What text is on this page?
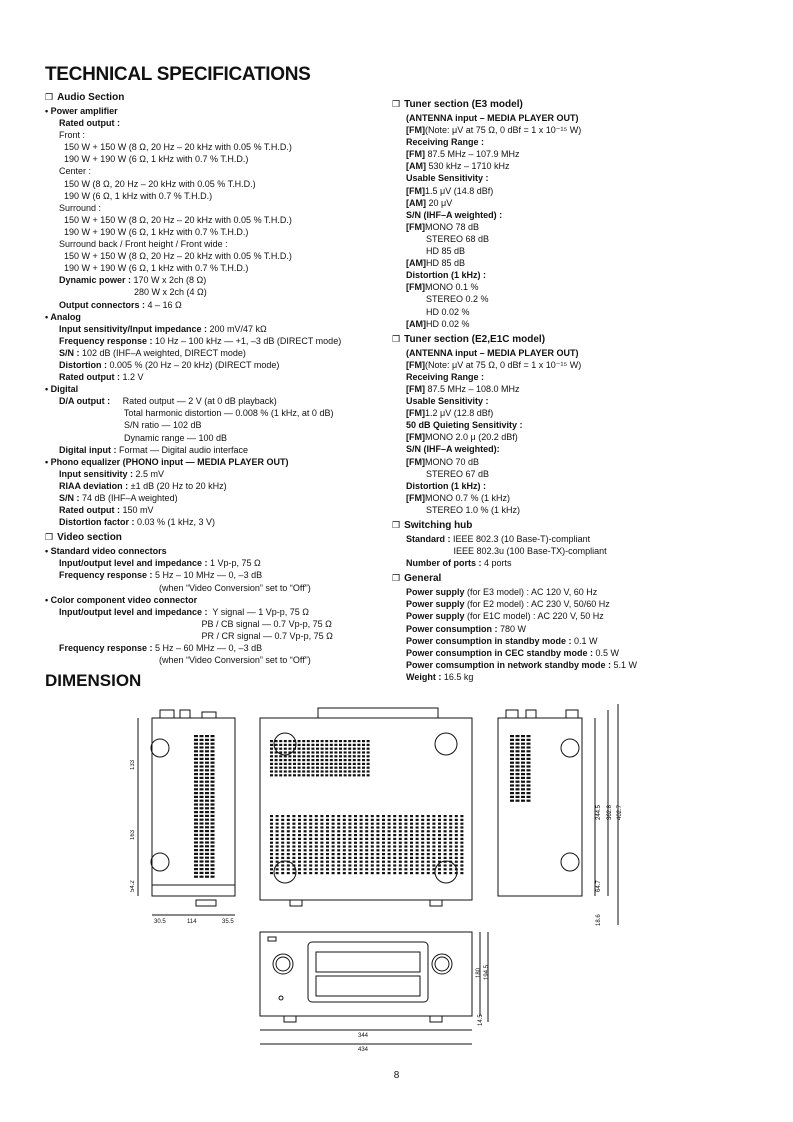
TECHNICAL SPECIFICATIONS
❒ Audio Section
• Power amplifier
Rated output :
Front :
150 W + 150 W (8 Ω, 20 Hz – 20 kHz with 0.05 % T.H.D.)
190 W + 190 W (6 Ω, 1 kHz with 0.7 % T.H.D.)
Center :
150 W (8 Ω, 20 Hz – 20 kHz with 0.05 % T.H.D.)
190 W (6 Ω, 1 kHz with 0.7 % T.H.D.)
Surround :
150 W + 150 W (8 Ω, 20 Hz – 20 kHz with 0.05 % T.H.D.)
190 W + 190 W (6 Ω, 1 kHz with 0.7 % T.H.D.)
Surround back / Front height / Front wide :
150 W + 150 W (8 Ω, 20 Hz – 20 kHz with 0.05 % T.H.D.)
190 W + 190 W (6 Ω, 1 kHz with 0.7 % T.H.D.)
Dynamic power : 170 W x 2ch (8 Ω)
280 W x 2ch (4 Ω)
Output connectors : 4 – 16 Ω
• Analog
Input sensitivity/Input impedance : 200 mV/47 kΩ
Frequency response : 10 Hz – 100 kHz — +1, –3 dB (DIRECT mode)
S/N : 102 dB (IHF–A weighted, DIRECT mode)
Distortion : 0.005 % (20 Hz – 20 kHz) (DIRECT mode)
Rated output : 1.2 V
• Digital
D/A output :     Rated output — 2 V (at 0 dB playback)
Total harmonic distortion — 0.008 % (1 kHz, at 0 dB)
S/N ratio — 102 dB
Dynamic range — 100 dB
Digital input : Format — Digital audio interface
• Phono equalizer (PHONO input — MEDIA PLAYER OUT)
Input sensitivity : 2.5 mV
RIAA deviation : ±1 dB (20 Hz to 20 kHz)
S/N : 74 dB (IHF–A weighted)
Rated output : 150 mV
Distortion factor : 0.03 % (1 kHz, 3 V)
❒ Video section
• Standard video connectors
Input/output level and impedance : 1 Vp-p, 75 Ω
Frequency response : 5 Hz – 10 MHz — 0, –3 dB
(when “Video Conversion” set to “Off”)
• Color component video connector
Input/output level and impedance :  Y signal — 1 Vp-p, 75 Ω
PB / CB signal — 0.7 Vp-p, 75 Ω
PR / CR signal — 0.7 Vp-p, 75 Ω
Frequency response : 5 Hz – 60 MHz — 0, –3 dB
(when “Video Conversion” set to “Off”)
❒ Tuner section (E3 model)
(ANTENNA input – MEDIA PLAYER OUT)
[FM](Note: μV at 75 Ω, 0 dBf = 1 x 10⁻¹⁵ W)
Receiving Range :
[FM] 87.5 MHz – 107.9 MHz
[AM] 530 kHz – 1710 kHz
Usable Sensitivity :
[FM]1.5 μV (14.8 dBf)
[AM] 20 μV
S/N (IHF–A weighted) :
[FM]MONO 78 dB
STEREO 68 dB
HD 85 dB
[AM]HD 85 dB
Distortion (1 kHz) :
[FM]MONO 0.1 %
STEREO 0.2 %
HD 0.02 %
[AM]HD 0.02 %
❒ Tuner section (E2,E1C model)
(ANTENNA input – MEDIA PLAYER OUT)
[FM](Note: μV at 75 Ω, 0 dBf = 1 x 10⁻¹⁵ W)
Receiving Range :
[FM] 87.5 MHz – 108.0 MHz
Usable Sensitivity :
[FM]1.2 μV (12.8 dBf)
50 dB Quieting Sensitivity :
[FM]MONO 2.0 μ (20.2 dBf)
S/N (IHF–A weighted):
[FM]MONO 70 dB
STEREO 67 dB
Distortion (1 kHz) :
[FM]MONO 0.7 % (1 kHz)
STEREO 1.0 % (1 kHz)
❒ Switching hub
Standard : IEEE 802.3 (10 Base-T)-compliant
IEEE 802.3u (100 Base-TX)-compliant
Number of ports : 4 ports
❒ General
Power supply (for E3 model) : AC 120 V, 60 Hz
Power supply (for E2 model) : AC 230 V, 50/60 Hz
Power supply (for E1C model) : AC 220 V, 50 Hz
Power consumption : 780 W
Power consumption in standby mode : 0.1 W
Power consumption in CEC standby mode : 0.5 W
Power comsumption in network standby mode : 5.1 W
Weight : 16.5 kg
DIMENSION
133
163
54.2
30.5	114	35.5
244.5 362.8 402.7
64.7
18.6
180 194.5
14.5
344
434
8
